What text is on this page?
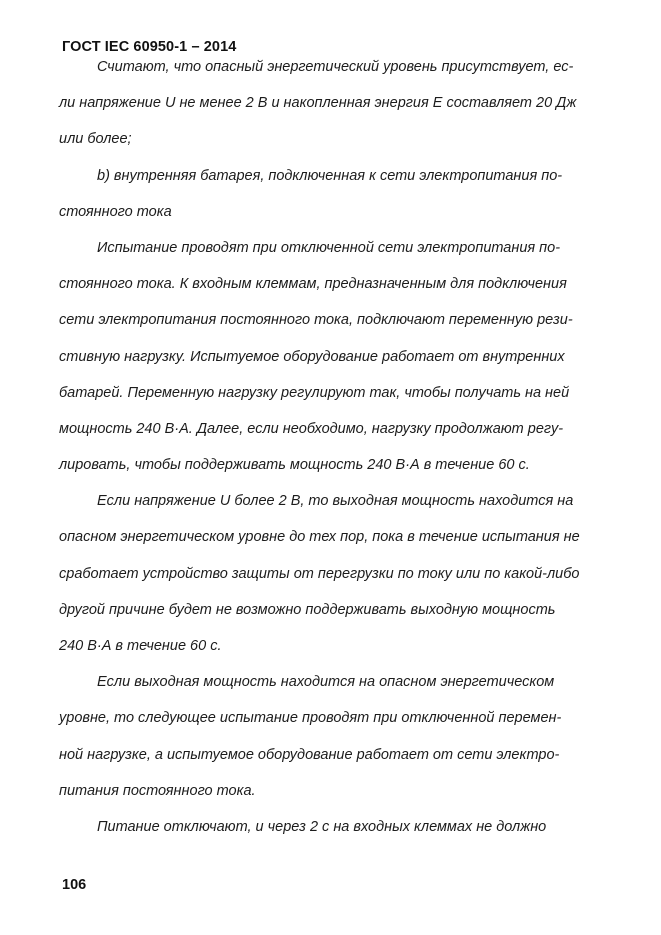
ГОСТ IEC 60950-1 – 2014
Считают, что опасный энергетический уровень присутствует, ес-
ли напряжение U не менее 2 В и накопленная энергия E составляет 20 Дж
или более;
b) внутренняя батарея, подключенная к сети электропитания по-
стоянного тока
Испытание проводят при отключенной сети электропитания по-
стоянного тока. К входным клеммам, предназначенным для подключения
сети электропитания постоянного тока, подключают переменную рези-
стивную нагрузку. Испытуемое оборудование работает от внутренних
батарей. Переменную нагрузку регулируют так, чтобы получать на ней
мощность 240 В·А. Далее, если необходимо, нагрузку продолжают регу-
лировать, чтобы поддерживать мощность 240 В·А в течение 60 с.
Если напряжение U более 2 В, то выходная мощность находится на
опасном энергетическом уровне до тех пор, пока в течение испытания не
сработает устройство защиты от перегрузки по току или по какой-либо
другой причине будет не возможно поддерживать выходную мощность
240 В·А в течение 60 с.
Если выходная мощность находится на опасном энергетическом
уровне, то следующее испытание проводят при отключенной перемен-
ной нагрузке, а испытуемое оборудование работает от сети электро-
питания постоянного тока.
Питание отключают, и через 2 с на входных клеммах не должно
106
